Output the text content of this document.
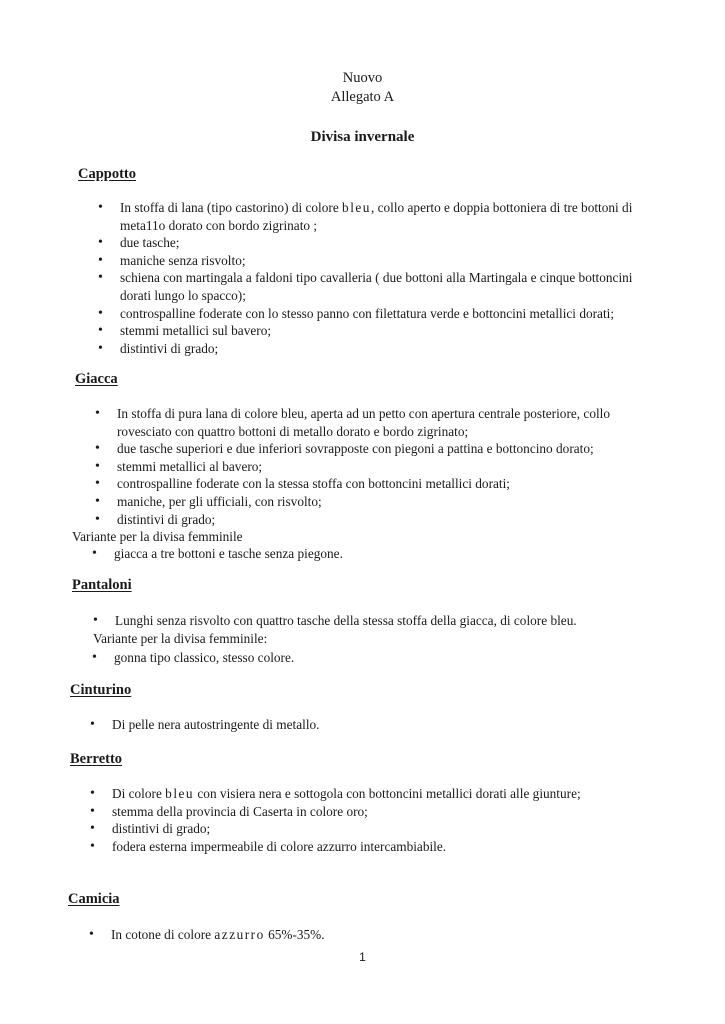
Nuovo
Allegato A
Divisa invernale
Cappotto
• In stoffa di lana (tipo castorino) di colore bleu, collo aperto e doppia bottoniera di tre bottoni di meta11o dorato con bordo zigrinato ;
• due tasche;
• maniche senza risvolto;
• schiena con martingala a faldoni tipo cavalleria ( due bottoni alla Martingala e cinque bottoncini dorati lungo lo spacco);
• controspalline foderate con lo stesso panno con filettatura verde e bottoncini metallici dorati;
• stemmi metallici sul bavero;
• distintivi di grado;
Giacca
• In stoffa di pura lana di colore bleu, aperta ad un petto con apertura centrale posteriore, collo rovesciato con quattro bottoni di metallo dorato e bordo zigrinato;
• due tasche superiori e due inferiori sovrapposte con piegoni a pattina e bottoncino dorato;
• stemmi metallici al bavero;
• controspalline foderate con la stessa stoffa con bottoncini metallici dorati;
• maniche, per gli ufficiali, con risvolto;
• distintivi di grado;
Variante per la divisa femminile
• giacca a tre bottoni e tasche senza piegone.
Pantaloni
• Lunghi senza risvolto con quattro tasche della stessa stoffa della giacca, di colore bleu.
Variante per la divisa femminile:
• gonna tipo classico, stesso colore.
Cinturino
• Di pelle nera autostringente di metallo.
Berretto
• Di colore bleu con visiera nera e sottogola con bottoncini metallici dorati alle giunture;
• stemma della provincia di Caserta in colore oro;
• distintivi di grado;
• fodera esterna impermeabile di colore azzurro intercambiabile.
Camicia
• In cotone di colore azzurro 65%-35%.
1
